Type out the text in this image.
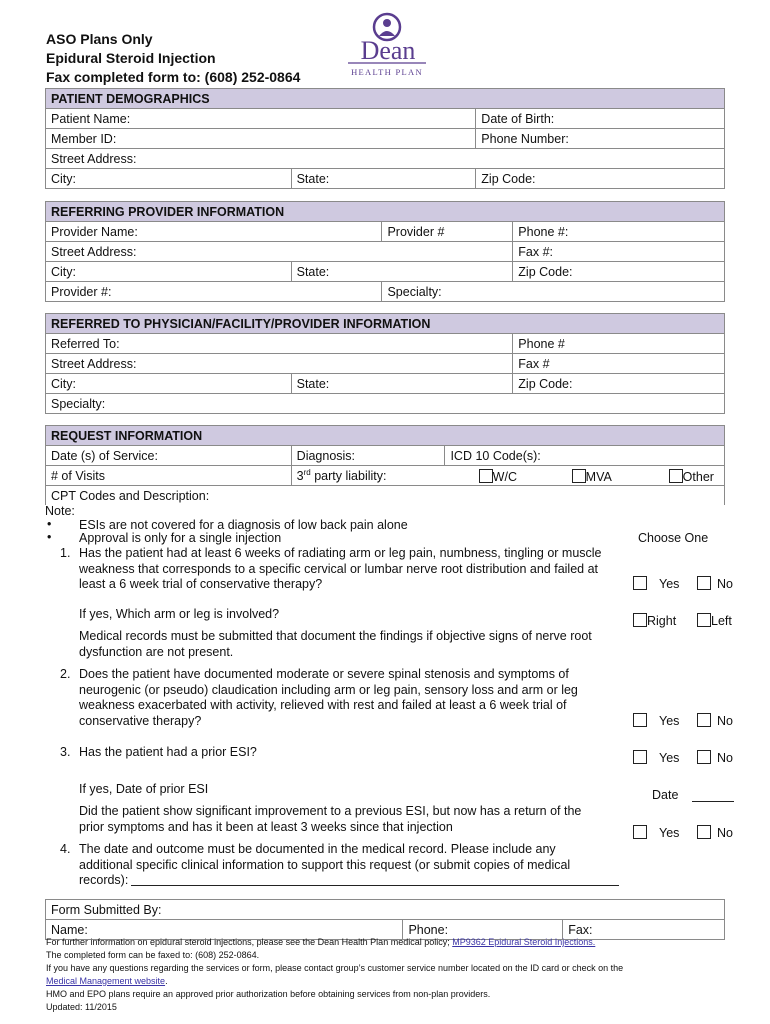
ASO Plans Only
Epidural Steroid Injection
Fax completed form to: (608) 252-0864
Dean
HEALTH PLAN
PATIENT DEMOGRAPHICS		
Patient Name:		Date of Birth:
Member ID:		Phone Number:
Street Address:		
City:	State:	Zip Code:
REFERRING PROVIDER INFORMATION			
Provider Name:		Provider #	Phone #:
Street Address:			Fax #:
City:	State:		Zip Code:
Provider #:		Specialty:	
REFERRED TO PHYSICIAN/FACILITY/PROVIDER INFORMATION		
Referred To:		Phone #
Street Address:		Fax #
City:	State:	Zip Code:
Specialty:		
REQUEST INFORMATION		
Date (s) of Service:	Diagnosis:	ICD 10 Code(s):
# of Visits	3rd party liability: W/C MVA Other	

CPT Codes and Description:		
Note:
• ESIs are not covered for a diagnosis of low back pain alone
• Approval is only for a single injection	Choose One
1. Has the patient had at least 6 weeks of radiating arm or leg pain, numbness, tingling or muscle
weakness that corresponds to a specific cervical or lumbar nerve root distribution and failed at
least a 6 week trial of conservative therapy?	Yes	No
If yes, Which arm or leg is involved?	Right	Left
Medical records must be submitted that document the findings if objective signs of nerve root
dysfunction are not present.
2. Does the patient have documented moderate or severe spinal stenosis and symptoms of
neurogenic (or pseudo) claudication including arm or leg pain, sensory loss and arm or leg
weakness exacerbated with activity, relieved with rest and failed at least a 6 week trial of
conservative therapy?	Yes	No
3. Has the patient had a prior ESI?	Yes	No
If yes, Date of prior ESI	Date
Did the patient show significant improvement to a previous ESI, but now has a return of the
prior symptoms and has it been at least 3 weeks since that injection	Yes	No
4. The date and outcome must be documented in the medical record. Please include any
additional specific clinical information to support this request (or submit copies of medical
records):
Form Submitted By:
Name:	Phone:	Fax:
For further information on epidural steroid injections, please see the Dean Health Plan medical policy; MP9362 Epidural Steroid Injections.
The completed form can be faxed to: (608) 252-0864.
If you have any questions regarding the services or form, please contact group’s customer service number located on the ID card or check on the
Medical Management website.
HMO and EPO plans require an approved prior authorization before obtaining services from non-plan providers.
Updated: 11/2015
